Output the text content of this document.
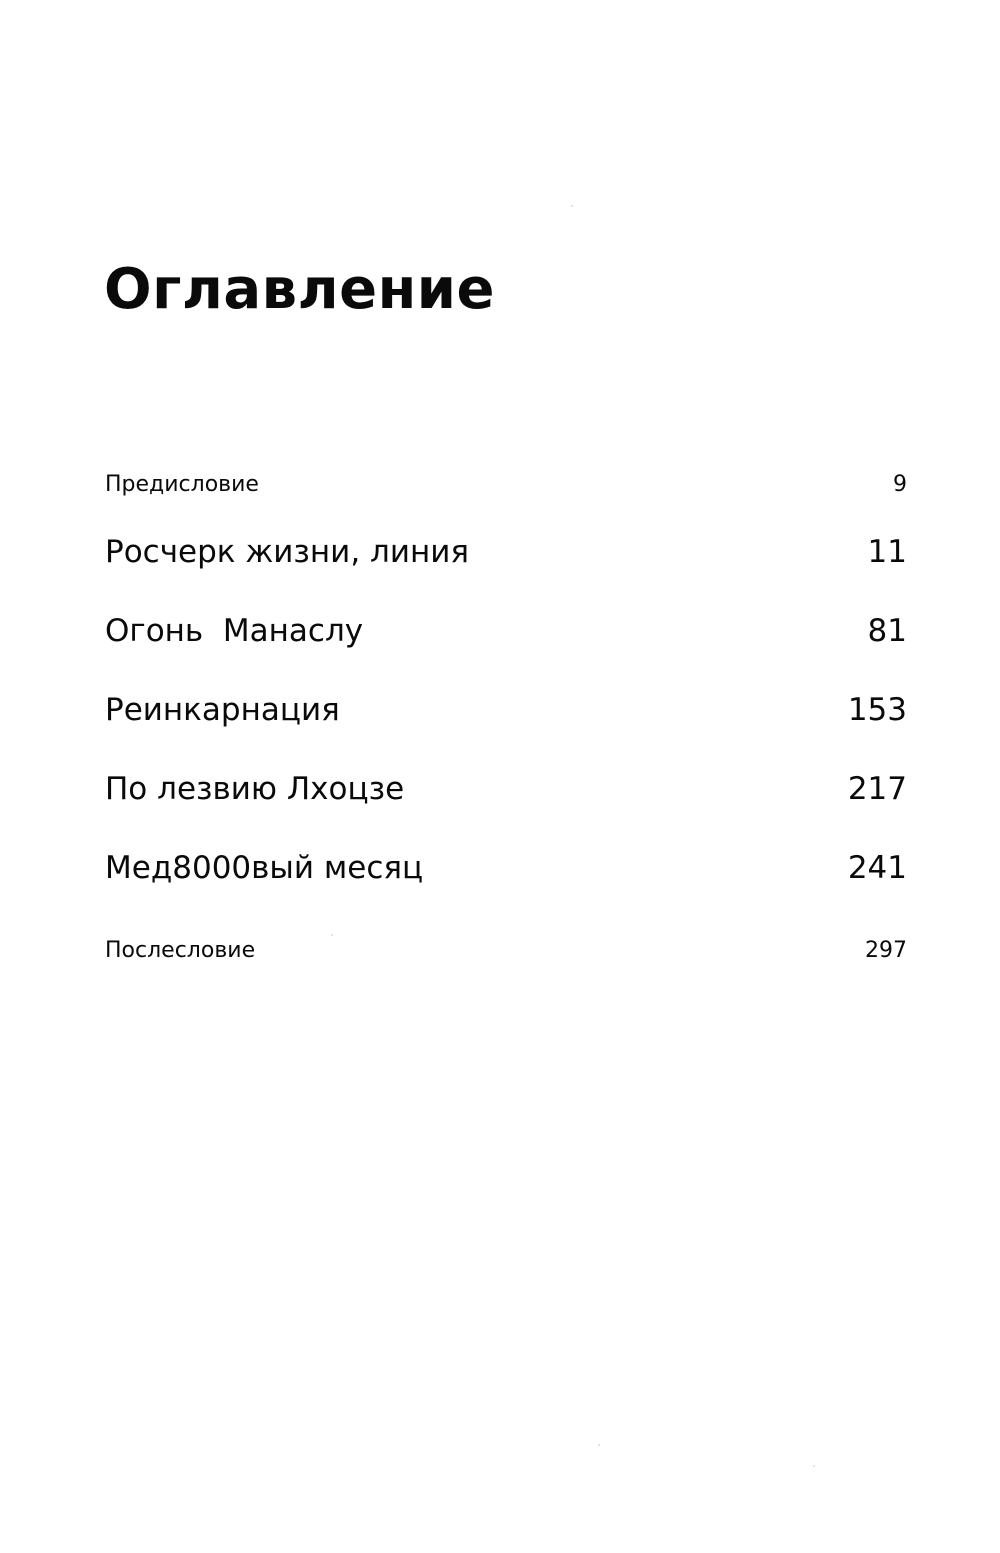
Оглавление
Предисловие	9
Росчерк жизни, линия	11
Огонь  Манаслу	81
Реинкарнация	153
По лезвию Лхоцзе	217
Мед8000вый месяц	241
Послесловие	297
